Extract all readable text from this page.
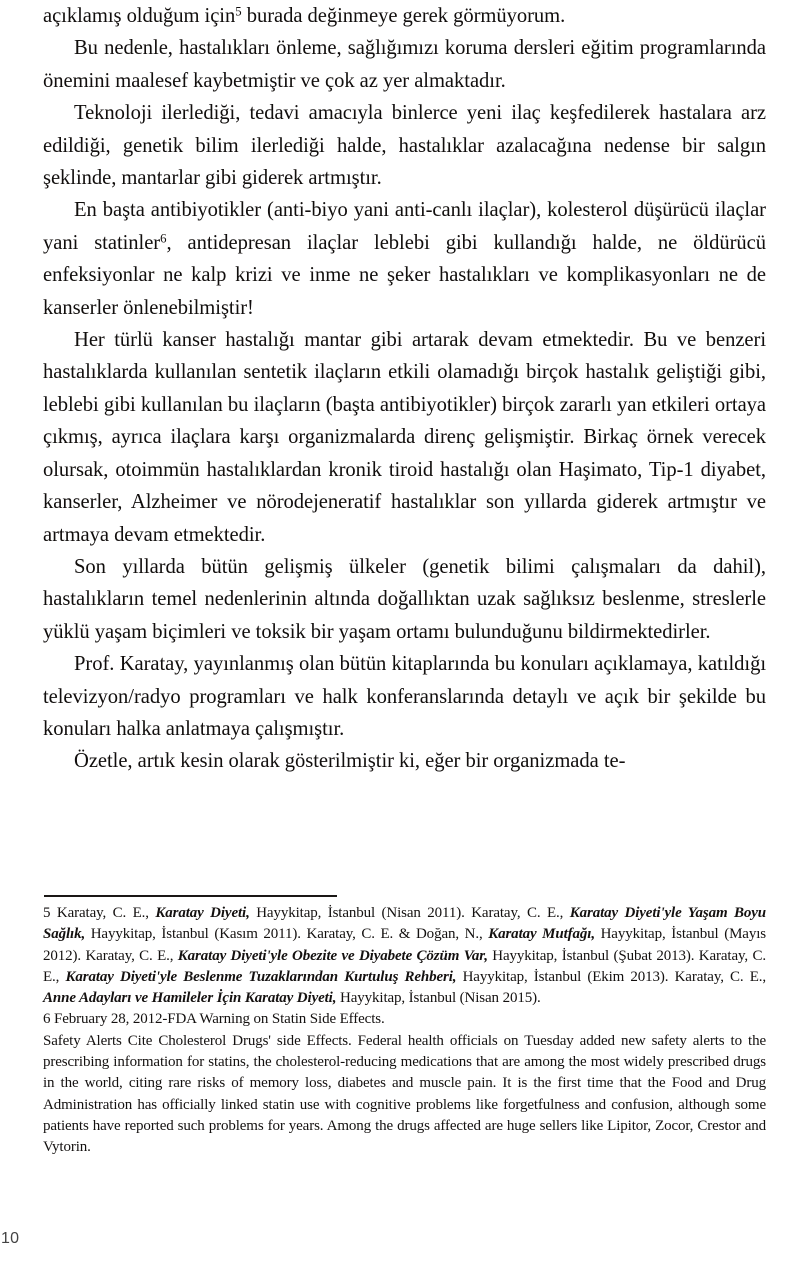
açıklamış olduğum için$^5$ burada değinmeye gerek görmüyorum.

Bu nedenle, hastalıkları önleme, sağlığımızı koruma dersleri eğitim programlarında önemini maalesef kaybetmiştir ve çok az yer almaktadır.

Teknoloji ilerlediği, tedavi amacıyla binlerce yeni ilaç keşfedilerek hastalara arz edildiği, genetik bilim ilerlediği halde, hastalıklar azalacağına nedense bir salgın şeklinde, mantarlar gibi giderek artmıştır.

En başta antibiyotikler (anti-biyo yani anti-canlı ilaçlar), kolesterol düşürücü ilaçlar yani statinler$^6$, antidepresan ilaçlar leblebi gibi kullandığı halde, ne öldürücü enfeksiyonlar ne kalp krizi ve inme ne şeker hastalıkları ve komplikasyonları ne de kanserler önlenebilmiştir!

Her türlü kanser hastalığı mantar gibi artarak devam etmektedir. Bu ve benzeri hastalıklarda kullanılan sentetik ilaçların etkili olamadığı birçok hastalık geliştiği gibi, leblebi gibi kullanılan bu ilaçların (başta antibiyotikler) birçok zararlı yan etkileri ortaya çıkmış, ayrıca ilaçlara karşı organizmalarda direnç gelişmiştir. Birkaç örnek verecek olursak, otoimmün hastalıklardan kronik tiroid hastalığı olan Haşimato, Tip-1 diyabet, kanserler, Alzheimer ve nörodejeneratif hastalıklar son yıllarda giderek artmıştır ve artmaya devam etmektedir.

Son yıllarda bütün gelişmiş ülkeler (genetik bilimi çalışmaları da dahil), hastalıkların temel nedenlerinin altında doğallıktan uzak sağlıksız beslenme, streslerle yüklü yaşam biçimleri ve toksik bir yaşam ortamı bulunduğunu bildirmektedirler.

Prof. Karatay, yayınlanmış olan bütün kitaplarında bu konuları açıklamaya, katıldığı televizyon/radyo programları ve halk konferanslarında detaylı ve açık bir şekilde bu konuları halka anlatmaya çalışmıştır.

Özetle, artık kesin olarak gösterilmiştir ki, eğer bir organizmada te-

5 Karatay, C. E., Karatay Diyeti, Hayykitap, İstanbul (Nisan 2011). Karatay, C. E., Karatay Diyeti'yle Yaşam Boyu Sağlık, Hayykitap, İstanbul (Kasım 2011). Karatay, C. E. & Doğan, N., Karatay Mutfağı, Hayykitap, İstanbul (Mayıs 2012). Karatay, C. E., Karatay Diyeti'yle Obezite ve Diyabete Çözüm Var, Hayykitap, İstanbul (Şubat 2013). Karatay, C. E., Karatay Diyeti'yle Beslenme Tuzaklarından Kurtuluş Rehberi, Hayykitap, İstanbul (Ekim 2013). Karatay, C. E., Anne Adayları ve Hamileler İçin Karatay Diyeti, Hayykitap, İstanbul (Nisan 2015).

6 February 28, 2012-FDA Warning on Statin Side Effects.

Safety Alerts Cite Cholesterol Drugs' side Effects. Federal health officials on Tuesday added new safety alerts to the prescribing information for statins, the cholesterol-reducing medications that are among the most widely prescribed drugs in the world, citing rare risks of memory loss, diabetes and muscle pain. It is the first time that the Food and Drug Administration has officially linked statin use with cognitive problems like forgetfulness and confusion, although some patients have reported such problems for years. Among the drugs affected are huge sellers like Lipitor, Zocor, Crestor and Vytorin.

10
